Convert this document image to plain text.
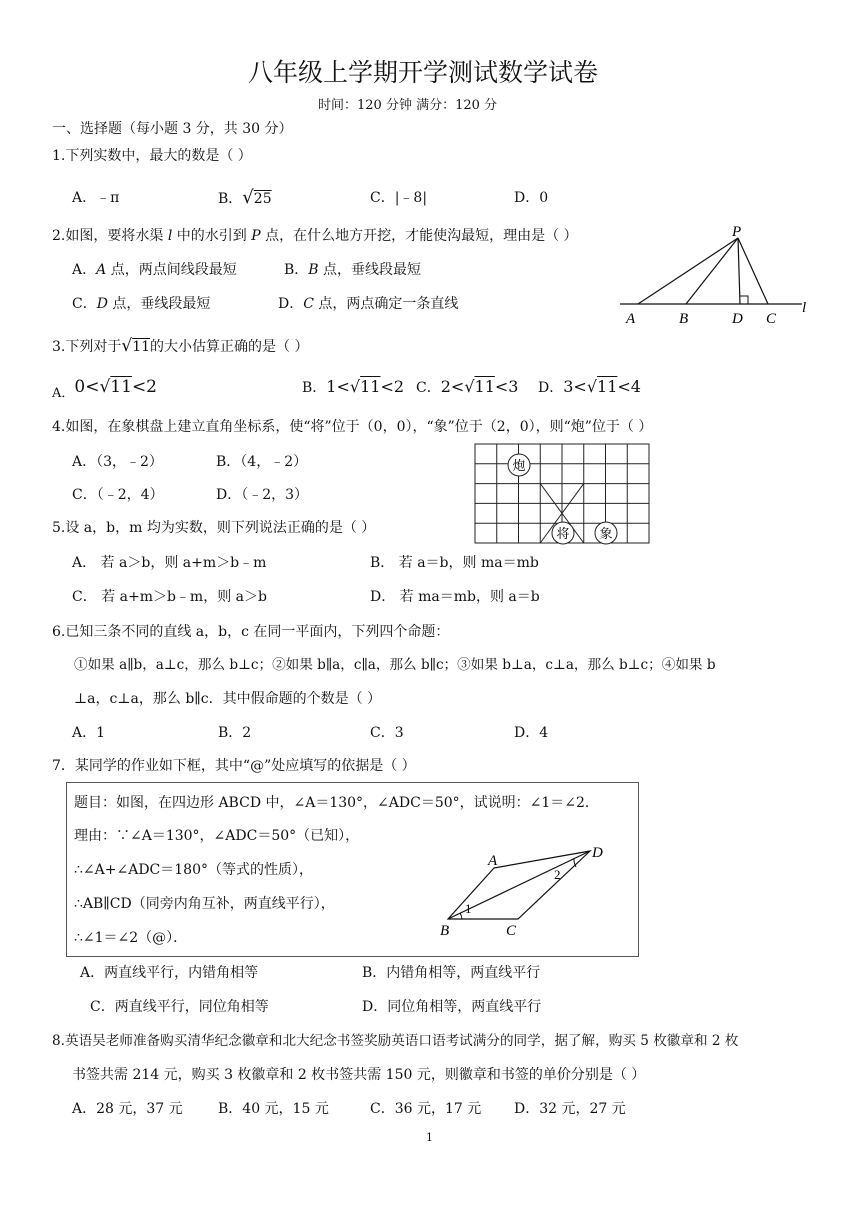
八年级上学期开学测试数学试卷
时间：120 分钟 满分：120 分
一、选择题（每小题 3 分，共 30 分）
1.下列实数中，最大的数是（ ）
A．﹣π	B．√25	C．|﹣8|	D．0
2.如图，要将水渠 l 中的水引到 P 点，在什么地方开挖，才能使沟最短，理由是（ ）
A．A 点，两点间线段最短	B．B 点，垂线段最短
C．D 点，垂线段最短	D．C 点，两点确定一条直线
P
A	B	D C
l
3.下列对于√11的大小估算正确的是（ ）
A．0<√11<2	B．1<√11<2 C．2<√11<3 D．3<√11<4
4.如图，在象棋盘上建立直角坐标系，使“将”位于（0，0），“象”位于（2，0），则“炮”位于（ ）
A．（3，﹣2）	B．（4，﹣2）
C．（﹣2，4）	D．（﹣2，3）
炮
将 象
5.设 a，b，m 均为实数，则下列说法正确的是（ ）
A． 若 a＞b，则 a+m＞b﹣m	B． 若 a＝b，则 ma＝mb
C． 若 a+m＞b﹣m，则 a＞b	D． 若 ma＝mb，则 a＝b
6.已知三条不同的直线 a，b，c 在同一平面内，下列四个命题：
①如果 a∥b，a⊥c，那么 b⊥c；②如果 b∥a，c∥a，那么 b∥c；③如果 b⊥a，c⊥a，那么 b⊥c；④如果 b
⊥a，c⊥a，那么 b∥c．其中假命题的个数是（ ）
A．1	B．2	C．3	D．4
7．某同学的作业如下框，其中“@”处应填写的依据是（ ）
题目：如图，在四边形 ABCD 中，∠A＝130°，∠ADC＝50°，试说明：∠1＝∠2．
理由：∵∠A＝130°，∠ADC＝50°（已知），
∴∠A+∠ADC＝180°（等式的性质），
∴AB∥CD（同旁内角互补，两直线平行），
∴∠1＝∠2（@）．
A	D
B	C
1
2
A．两直线平行，内错角相等	B．内错角相等，两直线平行
C．两直线平行，同位角相等	D．同位角相等，两直线平行
8.英语吴老师准备购买清华纪念徽章和北大纪念书签奖励英语口语考试满分的同学，据了解，购买 5 枚徽章和 2 枚
书签共需 214 元，购买 3 枚徽章和 2 枚书签共需 150 元，则徽章和书签的单价分别是（ ）
A．28 元，37 元	B．40 元，15 元	C．36 元，17 元 D．32 元，27 元
1
